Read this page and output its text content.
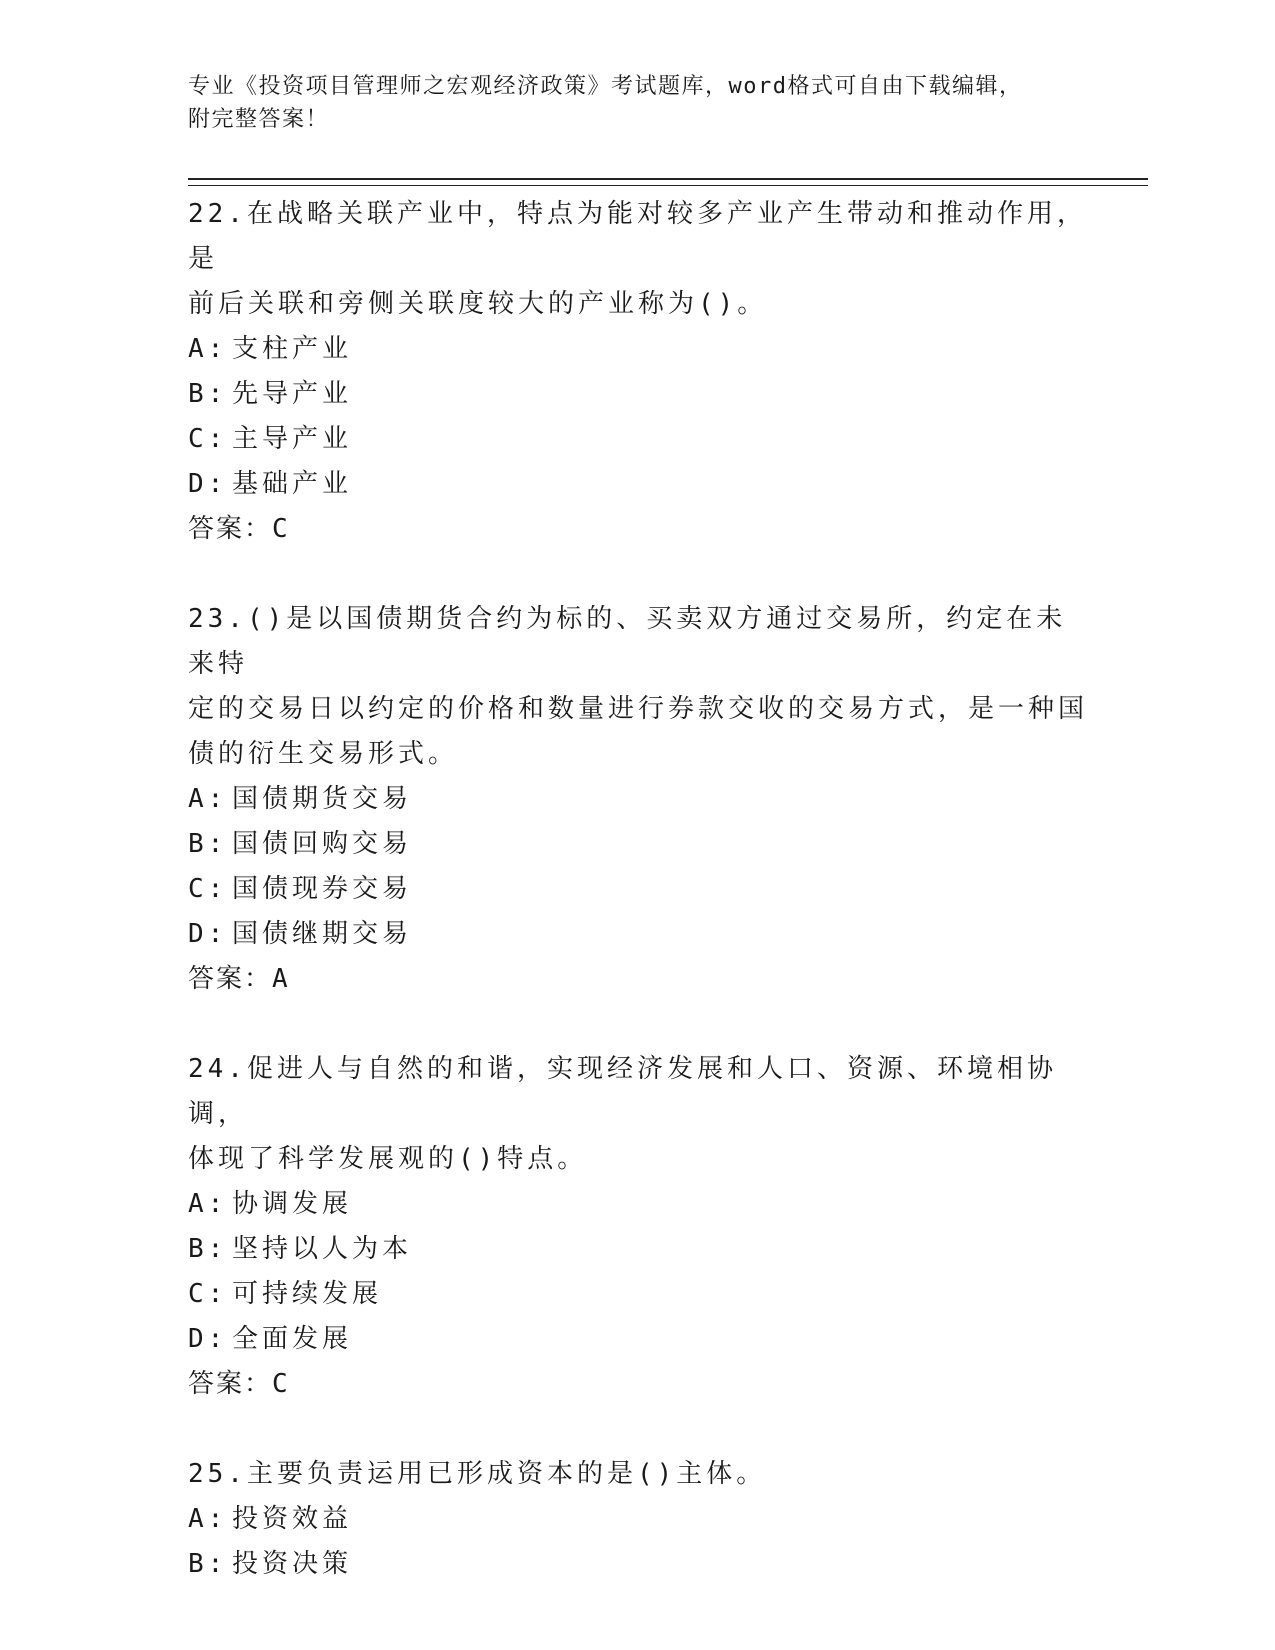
专业《投资项目管理师之宏观经济政策》考试题库，word格式可自由下载编辑，

附完整答案！

22.在战略关联产业中，特点为能对较多产业产生带动和推动作用，是

前后关联和旁侧关联度较大的产业称为()。

A: 支柱产业
B: 先导产业
C: 主导产业
D: 基础产业

答案：C

23.()是以国债期货合约为标的、买卖双方通过交易所，约定在未来特

定的交易日以约定的价格和数量进行券款交收的交易方式，是一种国

债的衍生交易形式。

A: 国债期货交易
B: 国债回购交易
C: 国债现券交易
D: 国债继期交易

答案：A

24.促进人与自然的和谐，实现经济发展和人口、资源、环境相协调，

体现了科学发展观的()特点。

A: 协调发展
B: 坚持以人为本
C: 可持续发展
D: 全面发展

答案：C

25.主要负责运用已形成资本的是()主体。

A: 投资效益
B: 投资决策
